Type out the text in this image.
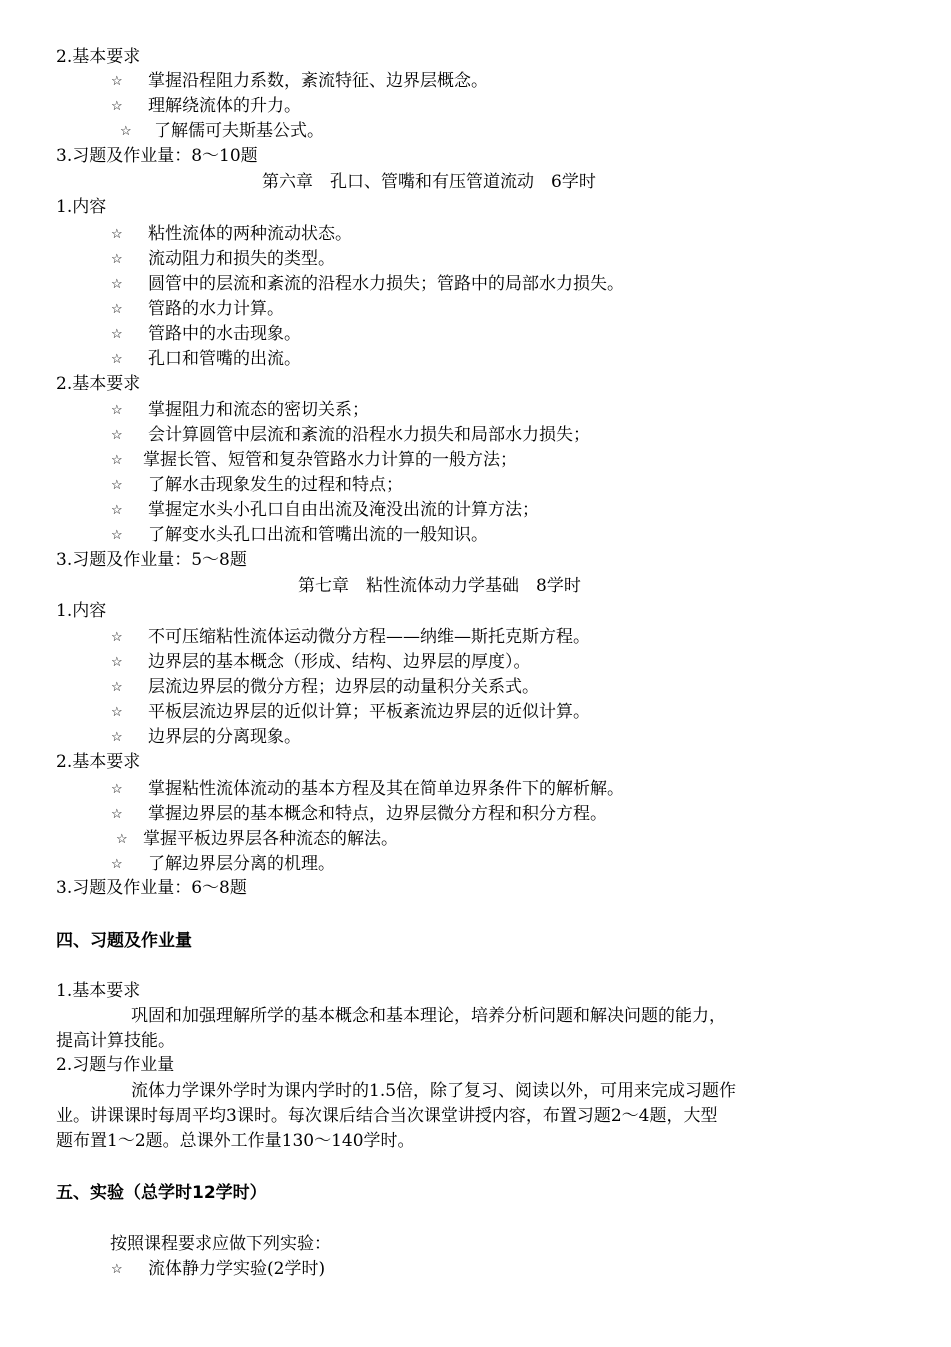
2.基本要求
☆ 掌握沿程阻力系数，紊流特征、边界层概念。
☆ 理解绕流体的升力。
☆ 了解儒可夫斯基公式。
3.习题及作业量：8～10题
第六章　孔口、管嘴和有压管道流动　6学时
1.内容
☆ 粘性流体的两种流动状态。
☆ 流动阻力和损失的类型。
☆ 圆管中的层流和紊流的沿程水力损失；管路中的局部水力损失。
☆ 管路的水力计算。
☆ 管路中的水击现象。
☆ 孔口和管嘴的出流。
2.基本要求
☆ 掌握阻力和流态的密切关系；
☆ 会计算圆管中层流和紊流的沿程水力损失和局部水力损失；
☆ 掌握长管、短管和复杂管路水力计算的一般方法；
☆ 了解水击现象发生的过程和特点；
☆ 掌握定水头小孔口自由出流及淹没出流的计算方法；
☆ 了解变水头孔口出流和管嘴出流的一般知识。
3.习题及作业量：5～8题
第七章　粘性流体动力学基础　8学时
1.内容
☆ 不可压缩粘性流体运动微分方程——纳维—斯托克斯方程。
☆ 边界层的基本概念（形成、结构、边界层的厚度）。
☆ 层流边界层的微分方程；边界层的动量积分关系式。
☆ 平板层流边界层的近似计算；平板紊流边界层的近似计算。
☆ 边界层的分离现象。
2.基本要求
☆ 掌握粘性流体流动的基本方程及其在简单边界条件下的解析解。
☆ 掌握边界层的基本概念和特点，边界层微分方程和积分方程。
☆ 掌握平板边界层各种流态的解法。
☆ 了解边界层分离的机理。
3.习题及作业量：6～8题
四、习题及作业量
1.基本要求
巩固和加强理解所学的基本概念和基本理论，培养分析问题和解决问题的能力，
提高计算技能。
2.习题与作业量
流体力学课外学时为课内学时的1.5倍，除了复习、阅读以外，可用来完成习题作
业。讲课课时每周平均3课时。每次课后结合当次课堂讲授内容，布置习题2～4题，大型
题布置1～2题。总课外工作量130～140学时。
五、实验（总学时12学时）
按照课程要求应做下列实验：
☆ 流体静力学实验(2学时)
